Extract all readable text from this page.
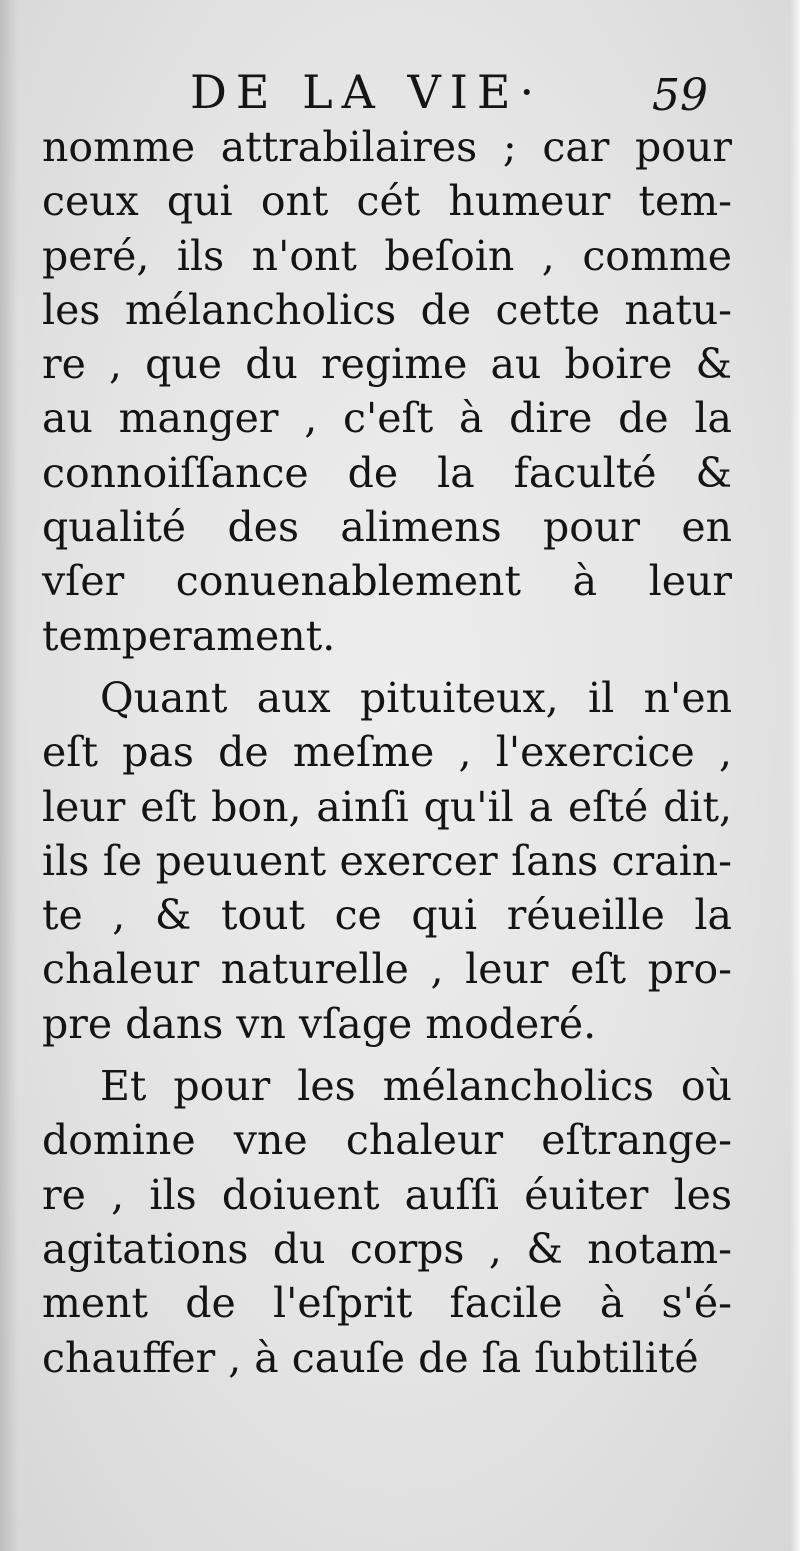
DE LA VIE· 59
nomme attrabilaires ; car pour
ceux qui ont cét humeur tem-
peré, ils n'ont beſoin , comme
les mélancholics de cette natu-
re , que du regime au boire &
au manger , c'eſt à dire de la
connoiſſance de la faculté &
qualité des alimens pour en
vſer conuenablement à leur
temperament.
Quant aux pituiteux, il n'en
eſt pas de meſme , l'exercice ,
leur eſt bon, ainſi qu'il a eſté dit,
ils ſe peuuent exercer ſans crain-
te , & tout ce qui réueille la
chaleur naturelle , leur eſt pro-
pre dans vn vſage moderé.
Et pour les mélancholics où
domine vne chaleur eſtrange-
re , ils doiuent auſſi éuiter les
agitations du corps , & notam-
ment de l'eſprit facile à s'é-
chauffer , à cauſe de ſa ſubtilité
